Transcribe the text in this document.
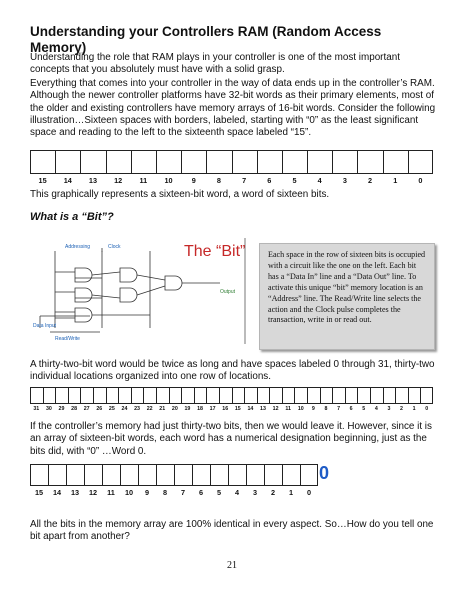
Understanding your Controllers RAM (Random Access Memory)

Understanding the role that RAM plays in your controller is one of the most important concepts that you absolutely must have with a solid grasp.

Everything that comes into your controller in the way of data ends up in the controller’s RAM. Although the newer controller platforms have 32-bit words as their primary elements, most of the older and existing controllers have memory arrays of 16-bit words. Consider the following illustration…Sixteen spaces with borders, labeled, starting with “0” as the least significant space and reading to the left to the sixteenth space labeled “15”.

15	14	13	12	11	10	9	8	7	6	5	4	3	2	1	0

This graphically represents a sixteen-bit word, a word of sixteen bits.

What is a “Bit”?
Addressing	Clock
Output
Data Input
Read/Write
The “Bit”	Each space in the row of sixteen bits is occupied with a circuit like the one on the left. Each bit has a “Data In” line and a “Data Out” line. To activate this unique “bit” memory location is an “Address” line. The Read/Write line selects the action and the Clock pulse completes the transaction, write in or read out.

A thirty-two-bit word would be twice as long and have spaces labeled 0 through 31, thirty-two individual locations organized into one row of locations.

31	30	29	28	27	26	25	24	23	22	21	20	19	18	17	16	15	14	13	12	11	10	9	8	7	6	5	4	3	2	1	0

If the controller’s memory had just thirty-two bits, then we would leave it. However, since it is an array of sixteen-bit words, each word has a numerical designation beginning, just as the bits did, with “0” …Word 0.

15	14	13	12	11	10	9	8	7	6	5	4	3	2	1	0
0

All the bits in the memory array are 100% identical in every aspect. So…How do you tell one bit apart from another?

21
